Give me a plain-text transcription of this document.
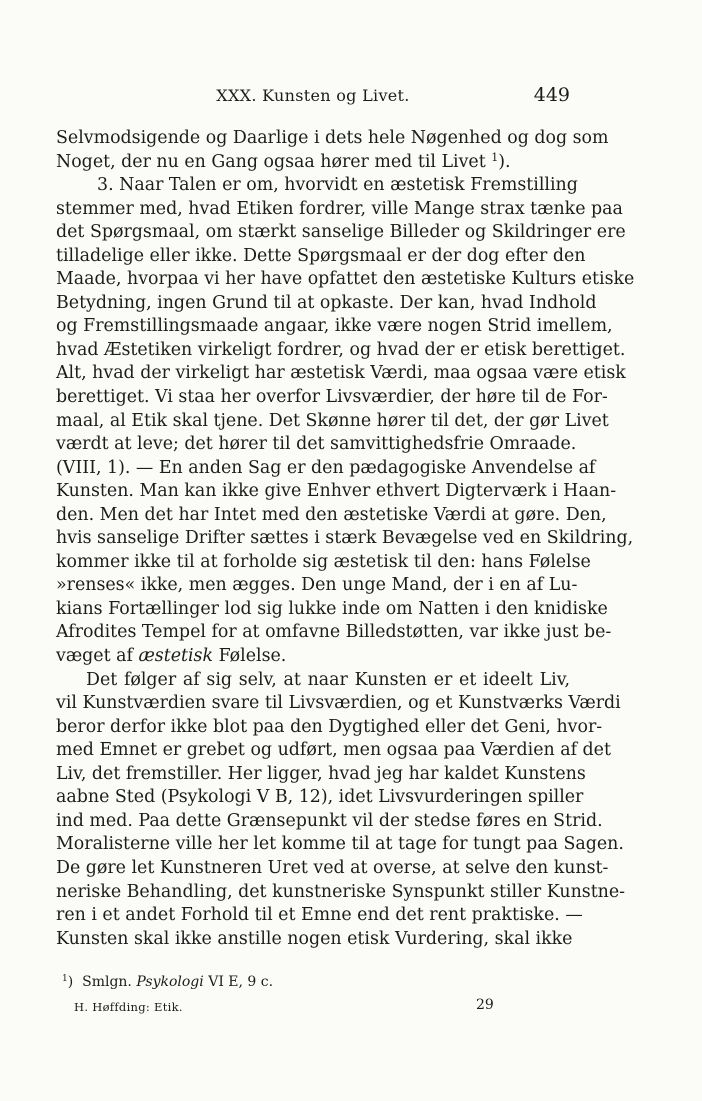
XXX. Kunsten og Livet.	449
Selvmodsigende og Daarlige i dets hele Nøgenhed og dog som
Noget, der nu en Gang ogsaa hører med til Livet $^1$).
3. Naar Talen er om, hvorvidt en æstetisk Fremstilling
stemmer med, hvad Etiken fordrer, ville Mange strax tænke paa
det Spørgsmaal, om stærkt sanselige Billeder og Skildringer ere
tilladelige eller ikke. Dette Spørgsmaal er der dog efter den
Maade, hvorpaa vi her have opfattet den æstetiske Kulturs etiske
Betydning, ingen Grund til at opkaste. Der kan, hvad Indhold
og Fremstillingsmaade angaar, ikke være nogen Strid imellem,
hvad Æstetiken virkeligt fordrer, og hvad der er etisk berettiget.
Alt, hvad der virkeligt har æstetisk Værdi, maa ogsaa være etisk
berettiget. Vi staa her overfor Livsværdier, der høre til de For-
maal, al Etik skal tjene. Det Skønne hører til det, der gør Livet
værdt at leve; det hører til det samvittighedsfrie Omraade.
(VIII, 1). — En anden Sag er den pædagogiske Anvendelse af
Kunsten. Man kan ikke give Enhver ethvert Digterværk i Haan-
den. Men det har Intet med den æstetiske Værdi at gøre. Den,
hvis sanselige Drifter sættes i stærk Bevægelse ved en Skildring,
kommer ikke til at forholde sig æstetisk til den: hans Følelse
»renses« ikke, men ægges. Den unge Mand, der i en af Lu-
kians Fortællinger lod sig lukke inde om Natten i den knidiske
Afrodites Tempel for at omfavne Billedstøtten, var ikke just be-
væget af æstetisk Følelse.
Det følger af sig selv, at naar Kunsten er et ideelt Liv,
vil Kunstværdien svare til Livsværdien, og et Kunstværks Værdi
beror derfor ikke blot paa den Dygtighed eller det Geni, hvor-
med Emnet er grebet og udført, men ogsaa paa Værdien af det
Liv, det fremstiller. Her ligger, hvad jeg har kaldet Kunstens
aabne Sted (Psykologi V B, 12), idet Livsvurderingen spiller
ind med. Paa dette Grænsepunkt vil der stedse føres en Strid.
Moralisterne ville her let komme til at tage for tungt paa Sagen.
De gøre let Kunstneren Uret ved at overse, at selve den kunst-
neriske Behandling, det kunstneriske Synspunkt stiller Kunstne-
ren i et andet Forhold til et Emne end det rent praktiske. —
Kunsten skal ikke anstille nogen etisk Vurdering, skal ikke
$^1$) Smlgn. Psykologi VI E, 9 c.
H. Høffding: Etik.	29
